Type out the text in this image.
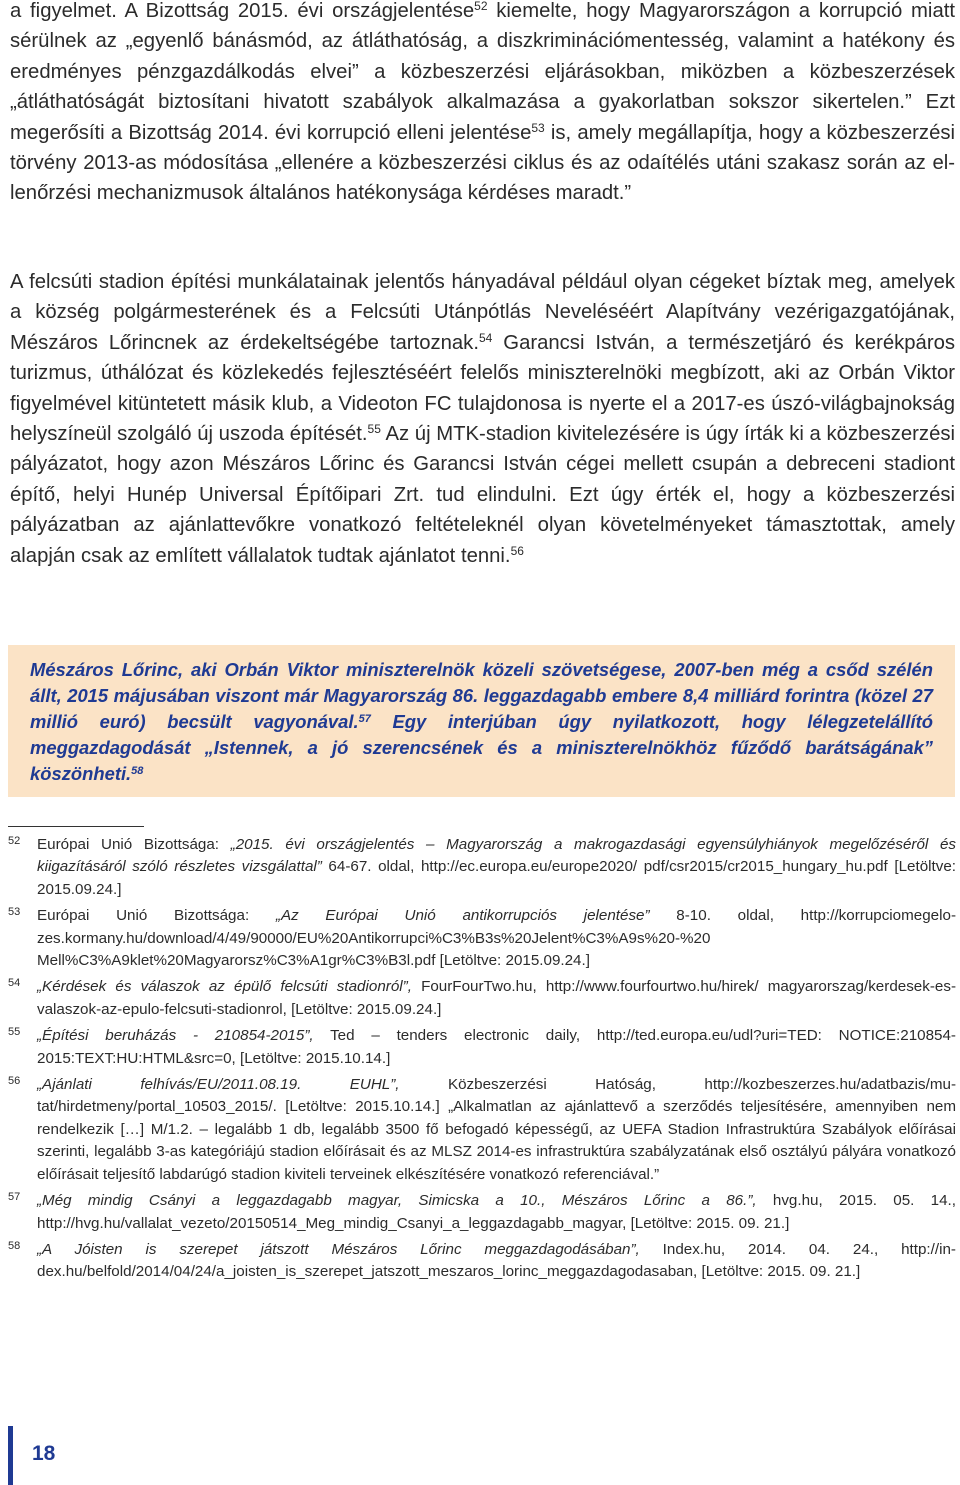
a figyelmet. A Bizottság 2015. évi országjelentése$^{52}$ kiemelte, hogy Magyarországon a korrupció miatt sérülnek az „egyenlő bánásmód, az átláthatóság, a diszkriminációmentesség, valamint a hatékony és eredményes pénzgazdálkodás elvei” a közbeszerzési eljárásokban, miközben a közbeszerzések „átláthatóságát biztosítani hivatott szabályok alkalmazása a gyakorlatban sokszor sikertelen.” Ezt megerősíti a Bizottság 2014. évi korrupció elleni jelentése$^{53}$ is, amely megállapítja, hogy a közbeszerzési törvény 2013-as módosítása „ellenére a közbeszerzési ciklus és az odaítélés utáni szakasz során az ellenőrzési mechanizmusok általános hatékonysága kérdéses maradt.”

A felcsúti stadion építési munkálatainak jelentős hányadával például olyan cégeket bíztak meg, amelyek a község polgármesterének és a Felcsúti Utánpótlás Neveléséért Alapítvány vezérigazgatójának, Mészáros Lőrincnek az érdekeltségébe tartoznak.$^{54}$ Garancsi István, a természetjáró és kerékpáros turizmus, úthálózat és közlekedés fejlesztéséért felelős miniszterelnöki megbízott, aki az Orbán Viktor figyelmével kitüntetett másik klub, a Videoton FC tulajdonosa is nyerte el a 2017-es úszó-világbajnokság helyszíneül szolgáló új uszoda építését.$^{55}$ Az új MTK-stadion kivitelezésére is úgy írták ki a közbeszerzési pályázatot, hogy azon Mészáros Lőrinc és Garancsi István cégei mellett csupán a debreceni stadiont építő, helyi Hunép Universal Építőipari Zrt. tud elindulni. Ezt úgy érték el, hogy a közbeszerzési pályázatban az ajánlattevőkre vonatkozó feltételeknél olyan követelményeket támasztottak, amely alapján csak az említett vállalatok tudtak ajánlatot tenni.$^{56}$

Mészáros Lőrinc, aki Orbán Viktor miniszterelnök közeli szövetségese, 2007-ben még a csőd szélén állt, 2015 májusában viszont már Magyarország 86. leggazdagabb embere 8,4 milliárd forintra (közel 27 millió euró) becsült vagyonával.$^{57}$ Egy interjúban úgy nyilatkozott, hogy lélegzetelállító meggazdagodását „Istennek, a jó szerencsének és a miniszterelnökhöz fűződő barátságának” köszönheti.$^{58}$

52 Európai Unió Bizottsága: „2015. évi országjelentés – Magyarország a makrogazdasági egyensúlyhiányok megelőzéséről és kiigazításáról szóló részletes vizsgálattal” 64-67. oldal, http://ec.europa.eu/europe2020/ pdf/csr2015/cr2015_hungary_hu.pdf [Letöltve: 2015.09.24.]

53 Európai Unió Bizottsága: „Az Európai Unió antikorrupciós jelentése” 8-10. oldal, http://korrupciomegelozes.kormany.hu/download/4/49/90000/EU%20Antikorrupci%C3%B3s%20Jelent%C3%A9s%20-%20 Mell%C3%A9klet%20Magyarorsz%C3%A1gr%C3%B3l.pdf [Letöltve: 2015.09.24.]

54 „Kérdések és válaszok az épülő felcsúti stadionról”, FourFourTwo.hu, http://www.fourfourtwo.hu/hirek/ magyarorszag/kerdesek-es-valaszok-az-epulo-felcsuti-stadionrol, [Letöltve: 2015.09.24.]

55 „Építési beruházás - 210854-2015”, Ted – tenders electronic daily, http://ted.europa.eu/udl?uri=TED: NOTICE:210854-2015:TEXT:HU:HTML&src=0, [Letöltve: 2015.10.14.]

56 „Ajánlati felhívás/EU/2011.08.19. EUHL”, Közbeszerzési Hatóság, http://kozbeszerzes.hu/adatbazis/mutat/hirdetmeny/portal_10503_2015/. [Letöltve: 2015.10.14.] „Alkalmatlan az ajánlattevő a szerződés teljesítésére, amennyiben nem rendelkezik […] M/1.2. – legalább 1 db, legalább 3500 fő befogadó képességű, az UEFA Stadion Infrastruktúra Szabályok előírásai szerinti, legalább 3-as kategóriájú stadion előírásait és az MLSZ 2014-es infrastruktúra szabályzatának első osztályú pályára vonatkozó előírásait teljesítő labdarúgó stadion kiviteli terveinek elkészítésére vonatkozó referenciával.”

57 „Még mindig Csányi a leggazdagabb magyar, Simicska a 10., Mészáros Lőrinc a 86.”, hvg.hu, 2015. 05. 14., http://hvg.hu/vallalat_vezeto/20150514_Meg_mindig_Csanyi_a_leggazdagabb_magyar, [Letöltve: 2015. 09. 21.]

58 „A Jóisten is szerepet játszott Mészáros Lőrinc meggazdagodásában”, Index.hu, 2014. 04. 24., http://index.hu/belfold/2014/04/24/a_joisten_is_szerepet_jatszott_meszaros_lorinc_meggazdagodasaban, [Letöltve: 2015. 09. 21.]

18
